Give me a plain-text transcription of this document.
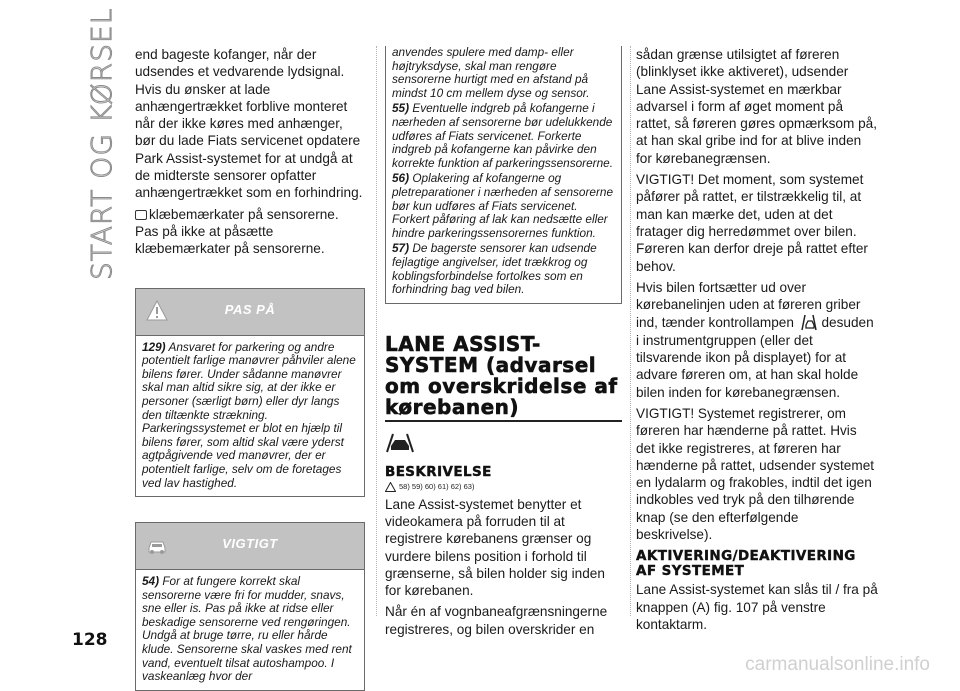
START OG KØRSEL
128

end bageste kofanger, når der udsendes et vedvarende lydsignal. Hvis du ønsker at lade anhængertrækket forblive monteret når der ikke køres med anhænger, bør du lade Fiats servicenet opdatere Park Assist-systemet for at undgå at de midterste sensorer opfatter anhængertrækket som en forhindring.

klæbemærkater på sensorerne. Pas på ikke at påsætte klæbemærkater på sensorerne.

PAS PÅ

129) Ansvaret for parkering og andre potentielt farlige manøvrer påhviler alene bilens fører. Under sådanne manøvrer skal man altid sikre sig, at der ikke er personer (særligt børn) eller dyr langs den tiltænkte strækning. Parkeringssystemet er blot en hjælp til bilens fører, som altid skal være yderst agtpågivende ved manøvrer, der er potentielt farlige, selv om de foretages ved lav hastighed.

VIGTIGT

54) For at fungere korrekt skal sensorerne være fri for mudder, snavs, sne eller is. Pas på ikke at ridse eller beskadige sensorerne ved rengøringen. Undgå at bruge tørre, ru eller hårde klude. Sensorerne skal vaskes med rent vand, eventuelt tilsat autoshampoo. I vaskeanlæg hvor der

anvendes spulere med damp- eller højtryksdyse, skal man rengøre sensorerne hurtigt med en afstand på mindst 10 cm mellem dyse og sensor.

55) Eventuelle indgreb på kofangerne i nærheden af sensorerne bør udelukkende udføres af Fiats servicenet. Forkerte indgreb på kofangerne kan påvirke den korrekte funktion af parkeringssensorerne.

56) Oplakering af kofangerne og pletreparationer i nærheden af sensorerne bør kun udføres af Fiats servicenet. Forkert påføring af lak kan nedsætte eller hindre parkeringssensorernes funktion.

57) De bagerste sensorer kan udsende fejlagtige angivelser, idet trækkrog og koblingsforbindelse fortolkes som en forhindring bag ved bilen.

LANE ASSIST-SYSTEM (advarsel om overskridelse af kørebanen)
BESKRIVELSE
58) 59) 60) 61) 62) 63)

Lane Assist-systemet benytter et videokamera på forruden til at registrere kørebanens grænser og vurdere bilens position i forhold til grænserne, så bilen holder sig inden for kørebanen.

Når én af vognbaneafgrænsningerne registreres, og bilen overskrider en

sådan grænse utilsigtet af føreren (blinklyset ikke aktiveret), udsender Lane Assist-systemet en mærkbar advarsel i form af øget moment på rattet, så føreren gøres opmærksom på, at han skal gribe ind for at blive inden for kørebanegrænsen.

VIGTIGT! Det moment, som systemet påfører på rattet, er tilstrækkelig til, at man kan mærke det, uden at det fratager dig herredømmet over bilen. Føreren kan derfor dreje på rattet efter behov.

Hvis bilen fortsætter ud over kørebanelinjen uden at føreren griber ind, tænder kontrollampen desuden i instrumentgruppen (eller det tilsvarende ikon på displayet) for at advare føreren om, at han skal holde bilen inden for kørebanegrænsen.

VIGTIGT! Systemet registrerer, om føreren har hænderne på rattet. Hvis det ikke registreres, at føreren har hænderne på rattet, udsender systemet en lydalarm og frakobles, indtil det igen indkobles ved tryk på den tilhørende knap (se den efterfølgende beskrivelse).

AKTIVERING/DEAKTIVERING AF SYSTEMET

Lane Assist-systemet kan slås til / fra på knappen (A) fig. 107 på venstre kontaktarm.

carmanualsonline.info
